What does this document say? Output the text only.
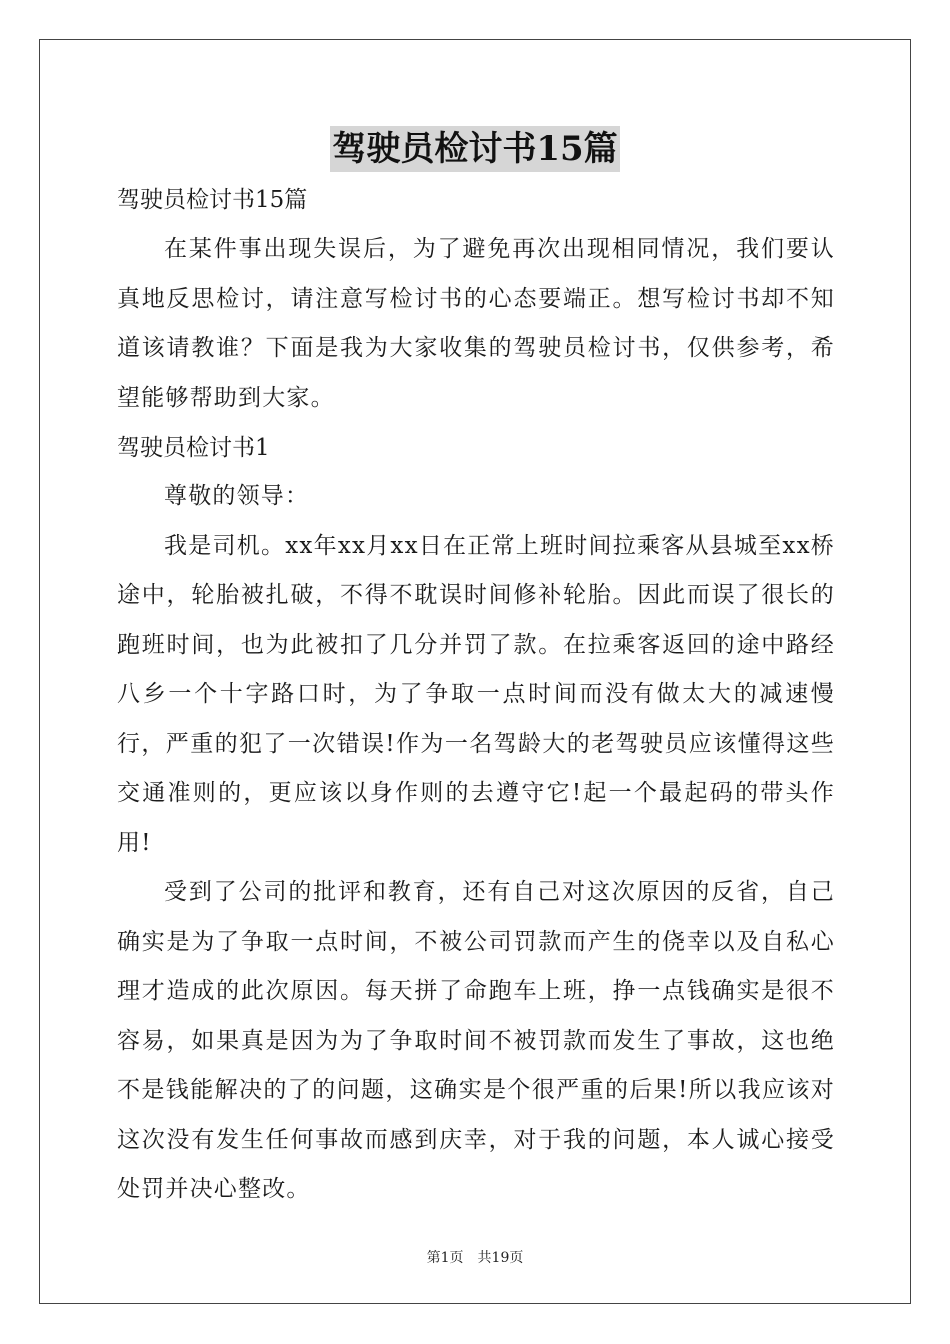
驾驶员检讨书15篇

驾驶员检讨书15篇

在某件事出现失误后，为了避免再次出现相同情况，我们要认真地反思检讨，请注意写检讨书的心态要端正。想写检讨书却不知道该请教谁？下面是我为大家收集的驾驶员检讨书，仅供参考，希望能够帮助到大家。

驾驶员检讨书1

尊敬的领导：

我是司机。xx年xx月xx日在正常上班时间拉乘客从县城至xx桥途中，轮胎被扎破，不得不耽误时间修补轮胎。因此而误了很长的跑班时间，也为此被扣了几分并罚了款。在拉乘客返回的途中路经八乡一个十字路口时，为了争取一点时间而没有做太大的减速慢行，严重的犯了一次错误!作为一名驾龄大的老驾驶员应该懂得这些交通准则的，更应该以身作则的去遵守它!起一个最起码的带头作用!

受到了公司的批评和教育，还有自己对这次原因的反省，自己确实是为了争取一点时间，不被公司罚款而产生的侥幸以及自私心理才造成的此次原因。每天拼了命跑车上班，挣一点钱确实是很不容易，如果真是因为为了争取时间不被罚款而发生了事故，这也绝不是钱能解决的了的问题，这确实是个很严重的后果!所以我应该对这次没有发生任何事故而感到庆幸，对于我的问题，本人诚心接受处罚并决心整改。

第1页　共19页
